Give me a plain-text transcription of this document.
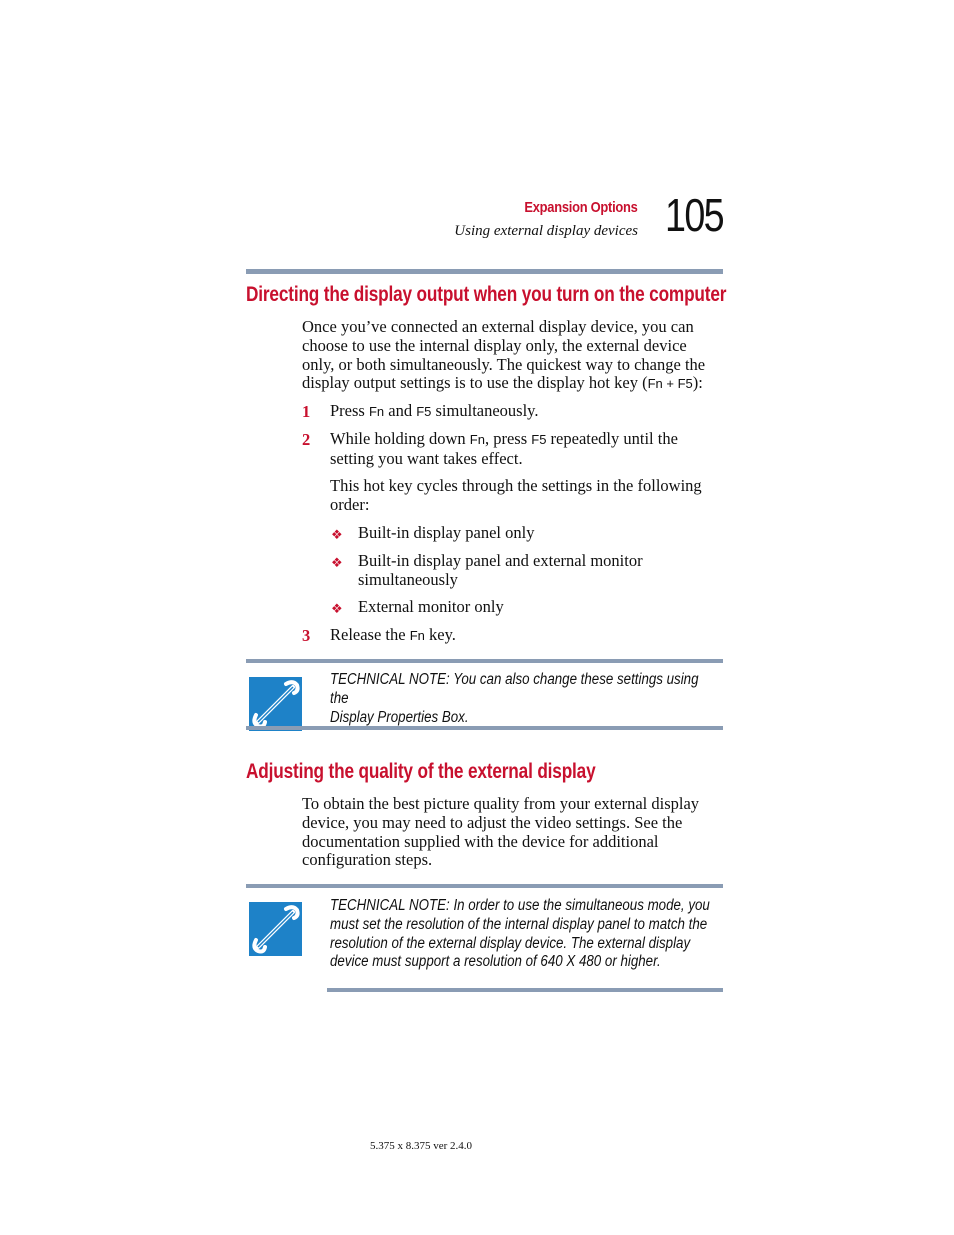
Expansion Options
Using external display devices 105
Directing the display output when you turn on the computer
Once you’ve connected an external display device, you can
choose to use the internal display only, the external device
only, or both simultaneously. The quickest way to change the
display output settings is to use the display hot key (Fn + F5):
1 Press Fn and F5 simultaneously.
2 While holding down Fn, press F5 repeatedly until the
setting you want takes effect.
This hot key cycles through the settings in the following
order:
❖ Built-in display panel only
❖ Built-in display panel and external monitor
simultaneously
❖ External monitor only
3 Release the Fn key.
TECHNICAL NOTE: You can also change these settings using the
Display Properties Box.
Adjusting the quality of the external display
To obtain the best picture quality from your external display
device, you may need to adjust the video settings. See the
documentation supplied with the device for additional
configuration steps.
TECHNICAL NOTE: In order to use the simultaneous mode, you
must set the resolution of the internal display panel to match the
resolution of the external display device. The external display
device must support a resolution of 640 X 480 or higher.
5.375 x 8.375 ver 2.4.0
